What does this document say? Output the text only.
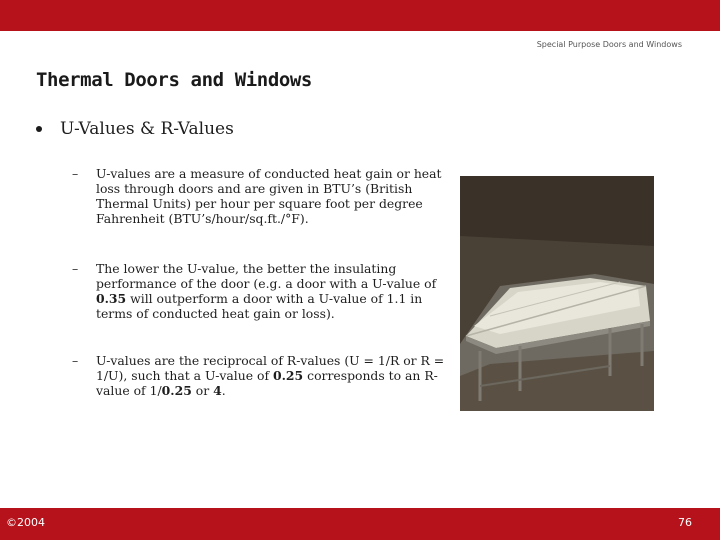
Special Purpose Doors and Windows
Thermal Doors and Windows
U-Values & R-Values
–	U-values are a measure of conducted heat gain or heat loss through doors and are given in BTU’s (British Thermal Units) per hour per square foot per degree Fahrenheit (BTU’s/hour/sq.ft./°F).
–	The lower the U-value, the better the insulating performance of the door (e.g. a door with a U-value of 0.35 will outperform a door with a U-value of 1.1 in terms of conducted heat gain or loss).
–	U-values are the reciprocal of R-values (U = 1/R or R = 1/U), such that a U-value of 0.25 corresponds to an R-value of 1/0.25 or 4.
©2004	76
